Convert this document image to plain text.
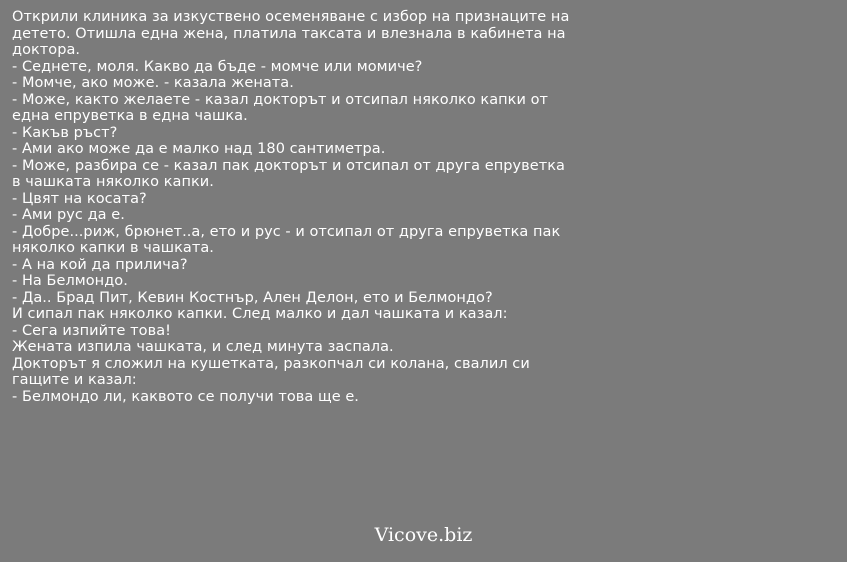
Открили клиника за изкуствено осеменяване с избор на признаците на
детето. Отишла една жена, платила таксата и влезнала в кабинета на
доктора.
- Седнете, моля. Какво да бъде - момче или момиче?
- Момче, ако може. - казала жената.
- Може, както желаете - казал докторът и отсипал няколко капки от
една епруветка в една чашка.
- Какъв ръст?
- Ами ако може да е малко над 180 сантиметра.
- Може, разбира се - казал пак докторът и отсипал от друга епруветка
в чашката няколко капки.
- Цвят на косата?
- Ами рус да е.
- Добре...риж, брюнет..а, ето и рус - и отсипал от друга епруветка пак
няколко капки в чашката.
- А на кой да прилича?
- На Белмондо.
- Да.. Брад Пит, Кевин Костнър, Ален Делон, ето и Белмондо?
И сипал пак няколко капки. След малко и дал чашката и казал:
- Сега изпийте това!
Жената изпила чашката, и след минута заспала.
Докторът я сложил на кушетката, разкопчал си колана, свалил си
гащите и казал:
- Белмондо ли, каквото се получи това ще е.
Vicove.biz
